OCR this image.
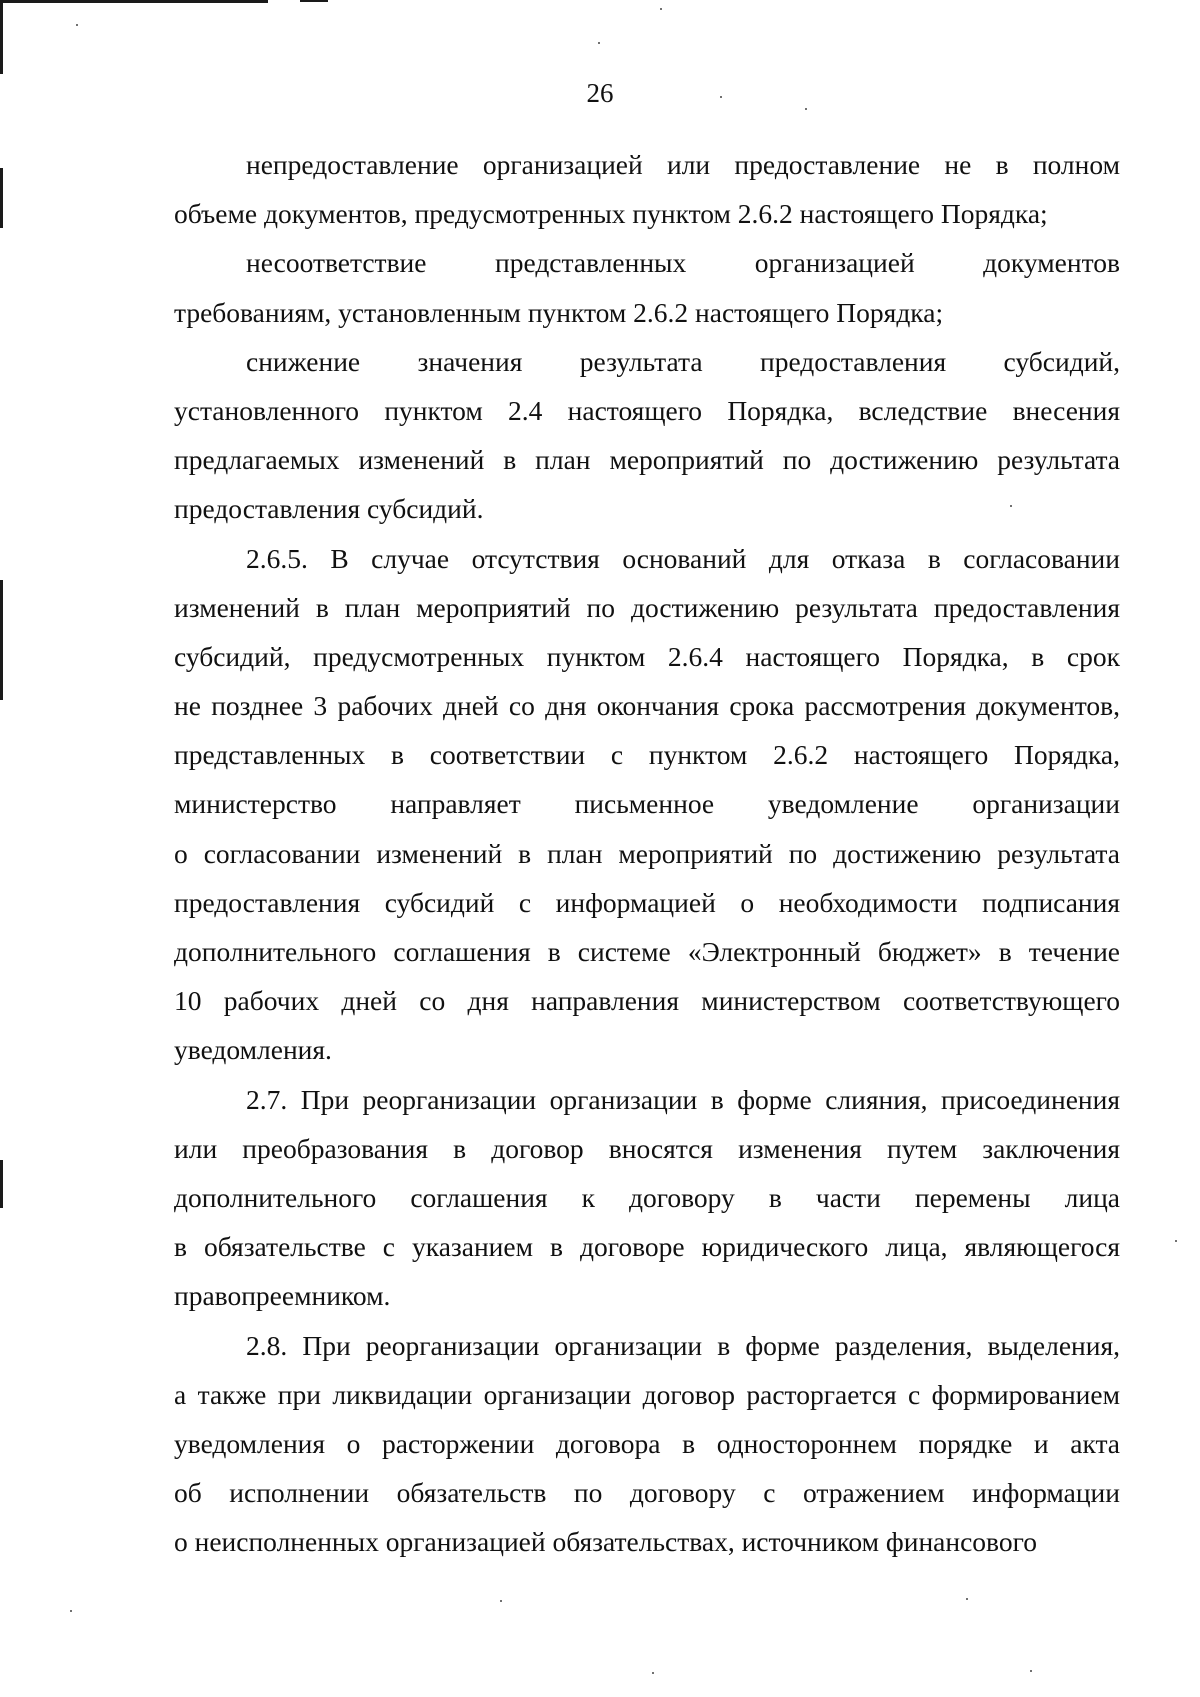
26
непредоставление организацией или предоставление не в полном
объеме документов, предусмотренных пунктом 2.6.2 настоящего Порядка;
несоответствие представленных организацией документов
требованиям, установленным пунктом 2.6.2 настоящего Порядка;
снижение значения результата предоставления субсидий,
установленного пунктом 2.4 настоящего Порядка, вследствие внесения
предлагаемых изменений в план мероприятий по достижению результата
предоставления субсидий.
2.6.5. В случае отсутствия оснований для отказа в согласовании
изменений в план мероприятий по достижению результата предоставления
субсидий, предусмотренных пунктом 2.6.4 настоящего Порядка, в срок
не позднее 3 рабочих дней со дня окончания срока рассмотрения документов,
представленных в соответствии с пунктом 2.6.2 настоящего Порядка,
министерство направляет письменное уведомление организации
о согласовании изменений в план мероприятий по достижению результата
предоставления субсидий с информацией о необходимости подписания
дополнительного соглашения в системе «Электронный бюджет» в течение
10 рабочих дней со дня направления министерством соответствующего
уведомления.
2.7. При реорганизации организации в форме слияния, присоединения
или преобразования в договор вносятся изменения путем заключения
дополнительного соглашения к договору в части перемены лица
в обязательстве с указанием в договоре юридического лица, являющегося
правопреемником.
2.8. При реорганизации организации в форме разделения, выделения,
а также при ликвидации организации договор расторгается с формированием
уведомления о расторжении договора в одностороннем порядке и акта
об исполнении обязательств по договору с отражением информации
о неисполненных организацией обязательствах, источником финансового
